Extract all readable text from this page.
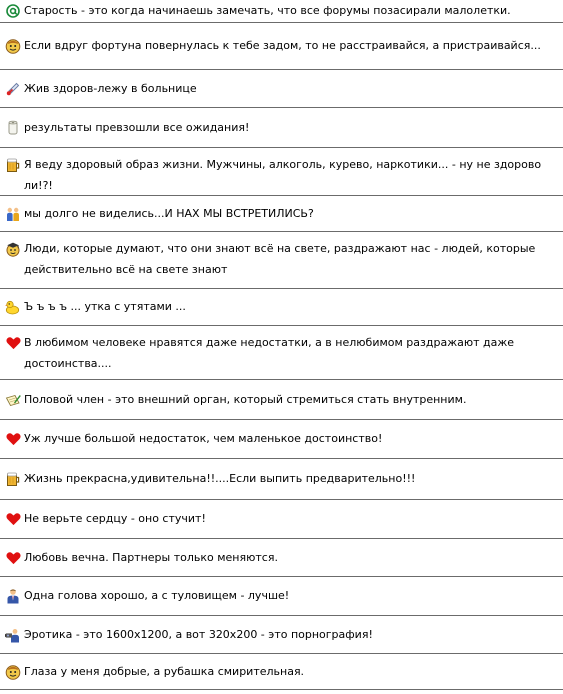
Старость - это когда начинаешь замечать, что все форумы позасирали малолетки.
Если вдруг фортуна повернулась к тебе задом, то не расстраивайся, а пристраивайся...
Жив здоров-лежу в больнице
результаты превзошли все ожидания!
Я веду здоровый образ жизни. Мужчины, алкоголь, курево, наркотики... - ну не здорово ли!?!
мы долго не виделись...И НАХ МЫ ВСТРЕТИЛИСЬ?
Люди, которые думают, что они знают всё на свете, раздражают нас - людей, которые действительно всё на свете знают
Ъ ъ ъ ъ ... утка с утятами ...
В любимом человеке нравятся даже недостатки, а в нелюбимом раздражают даже достоинства....
Половой член - это внешний орган, который стремиться стать внутренним.
Уж лучше большой недостаток, чем маленькое достоинство!
Жизнь прекрасна,удивительна!!....Если выпить предварительно!!!
Не верьте сердцу - оно стучит!
Любовь вечна. Партнеры только меняются.
Одна голова хорошо, а с туловищем - лучше!
Эротика - это 1600x1200, а вот 320x200 - это порнография!
Глаза у меня добрые, а рубашка смирительная.
